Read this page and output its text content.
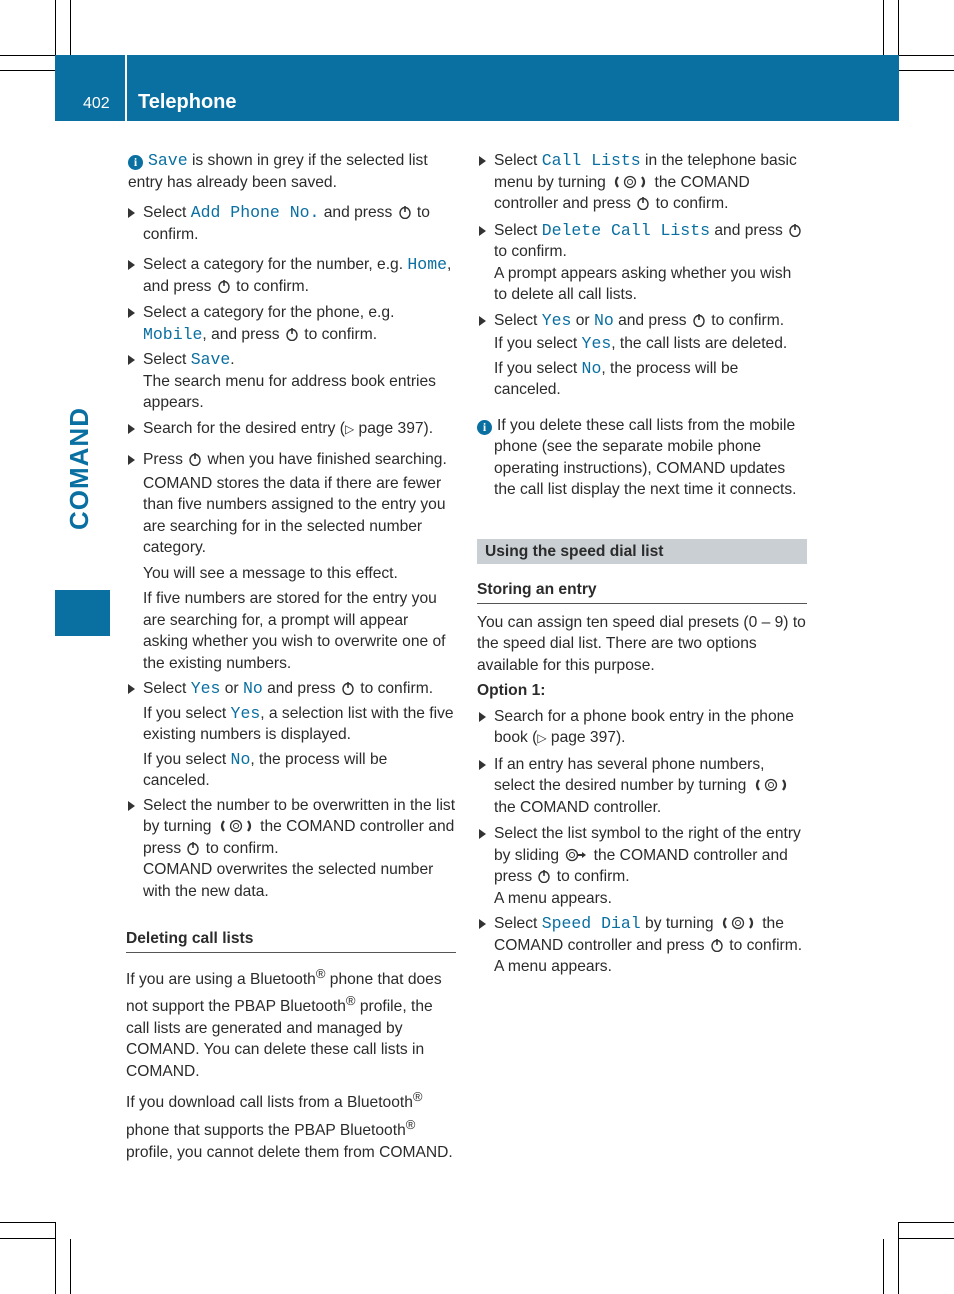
402 Telephone
COMAND

i Save is shown in grey if the selected list entry has already been saved.

Select Add Phone No. and press  to confirm.

Select a category for the number, e.g. Home, and press  to confirm.

Select a category for the phone, e.g. Mobile, and press  to confirm.

Select Save.

The search menu for address book entries appears.

Search for the desired entry (▷ page 397).

Press  when you have finished searching.

COMAND stores the data if there are fewer than five numbers assigned to the entry you are searching for in the selected number category.

You will see a message to this effect.

If five numbers are stored for the entry you are searching for, a prompt will appear asking whether you wish to overwrite one of the existing numbers.

Select Yes or No and press  to confirm.

If you select Yes, a selection list with the five existing numbers is displayed.

If you select No, the process will be canceled.

Select the number to be overwritten in the list by turning	the COMAND controller and press  to confirm.

COMAND overwrites the selected number with the new data.

Deleting call lists

If you are using a Bluetooth® phone that does not support the PBAP Bluetooth® profile, the call lists are generated and managed by COMAND. You can delete these call lists in COMAND.

If you download call lists from a Bluetooth® phone that supports the PBAP Bluetooth® profile, you cannot delete them from COMAND.

Select Call Lists in the telephone basic menu by turning	the COMAND controller and press  to confirm.

Select Delete Call Lists and press  to confirm.

A prompt appears asking whether you wish to delete all call lists.

Select Yes or No and press  to confirm.

If you select Yes, the call lists are deleted.

If you select No, the process will be canceled.

i If you delete these call lists from the mobile phone (see the separate mobile phone operating instructions), COMAND updates the call list display the next time it connects.

Using the speed dial list

Storing an entry

You can assign ten speed dial presets (0 – 9) to the speed dial list. There are two options available for this purpose.

Option 1:

Search for a phone book entry in the phone book (▷ page 397).

If an entry has several phone numbers, select the desired number by turning  the COMAND controller.

Select the list symbol to the right of the entry by sliding  the COMAND controller and press  to confirm.

A menu appears.

Select Speed Dial by turning	the COMAND controller and press  to confirm.

A menu appears.
